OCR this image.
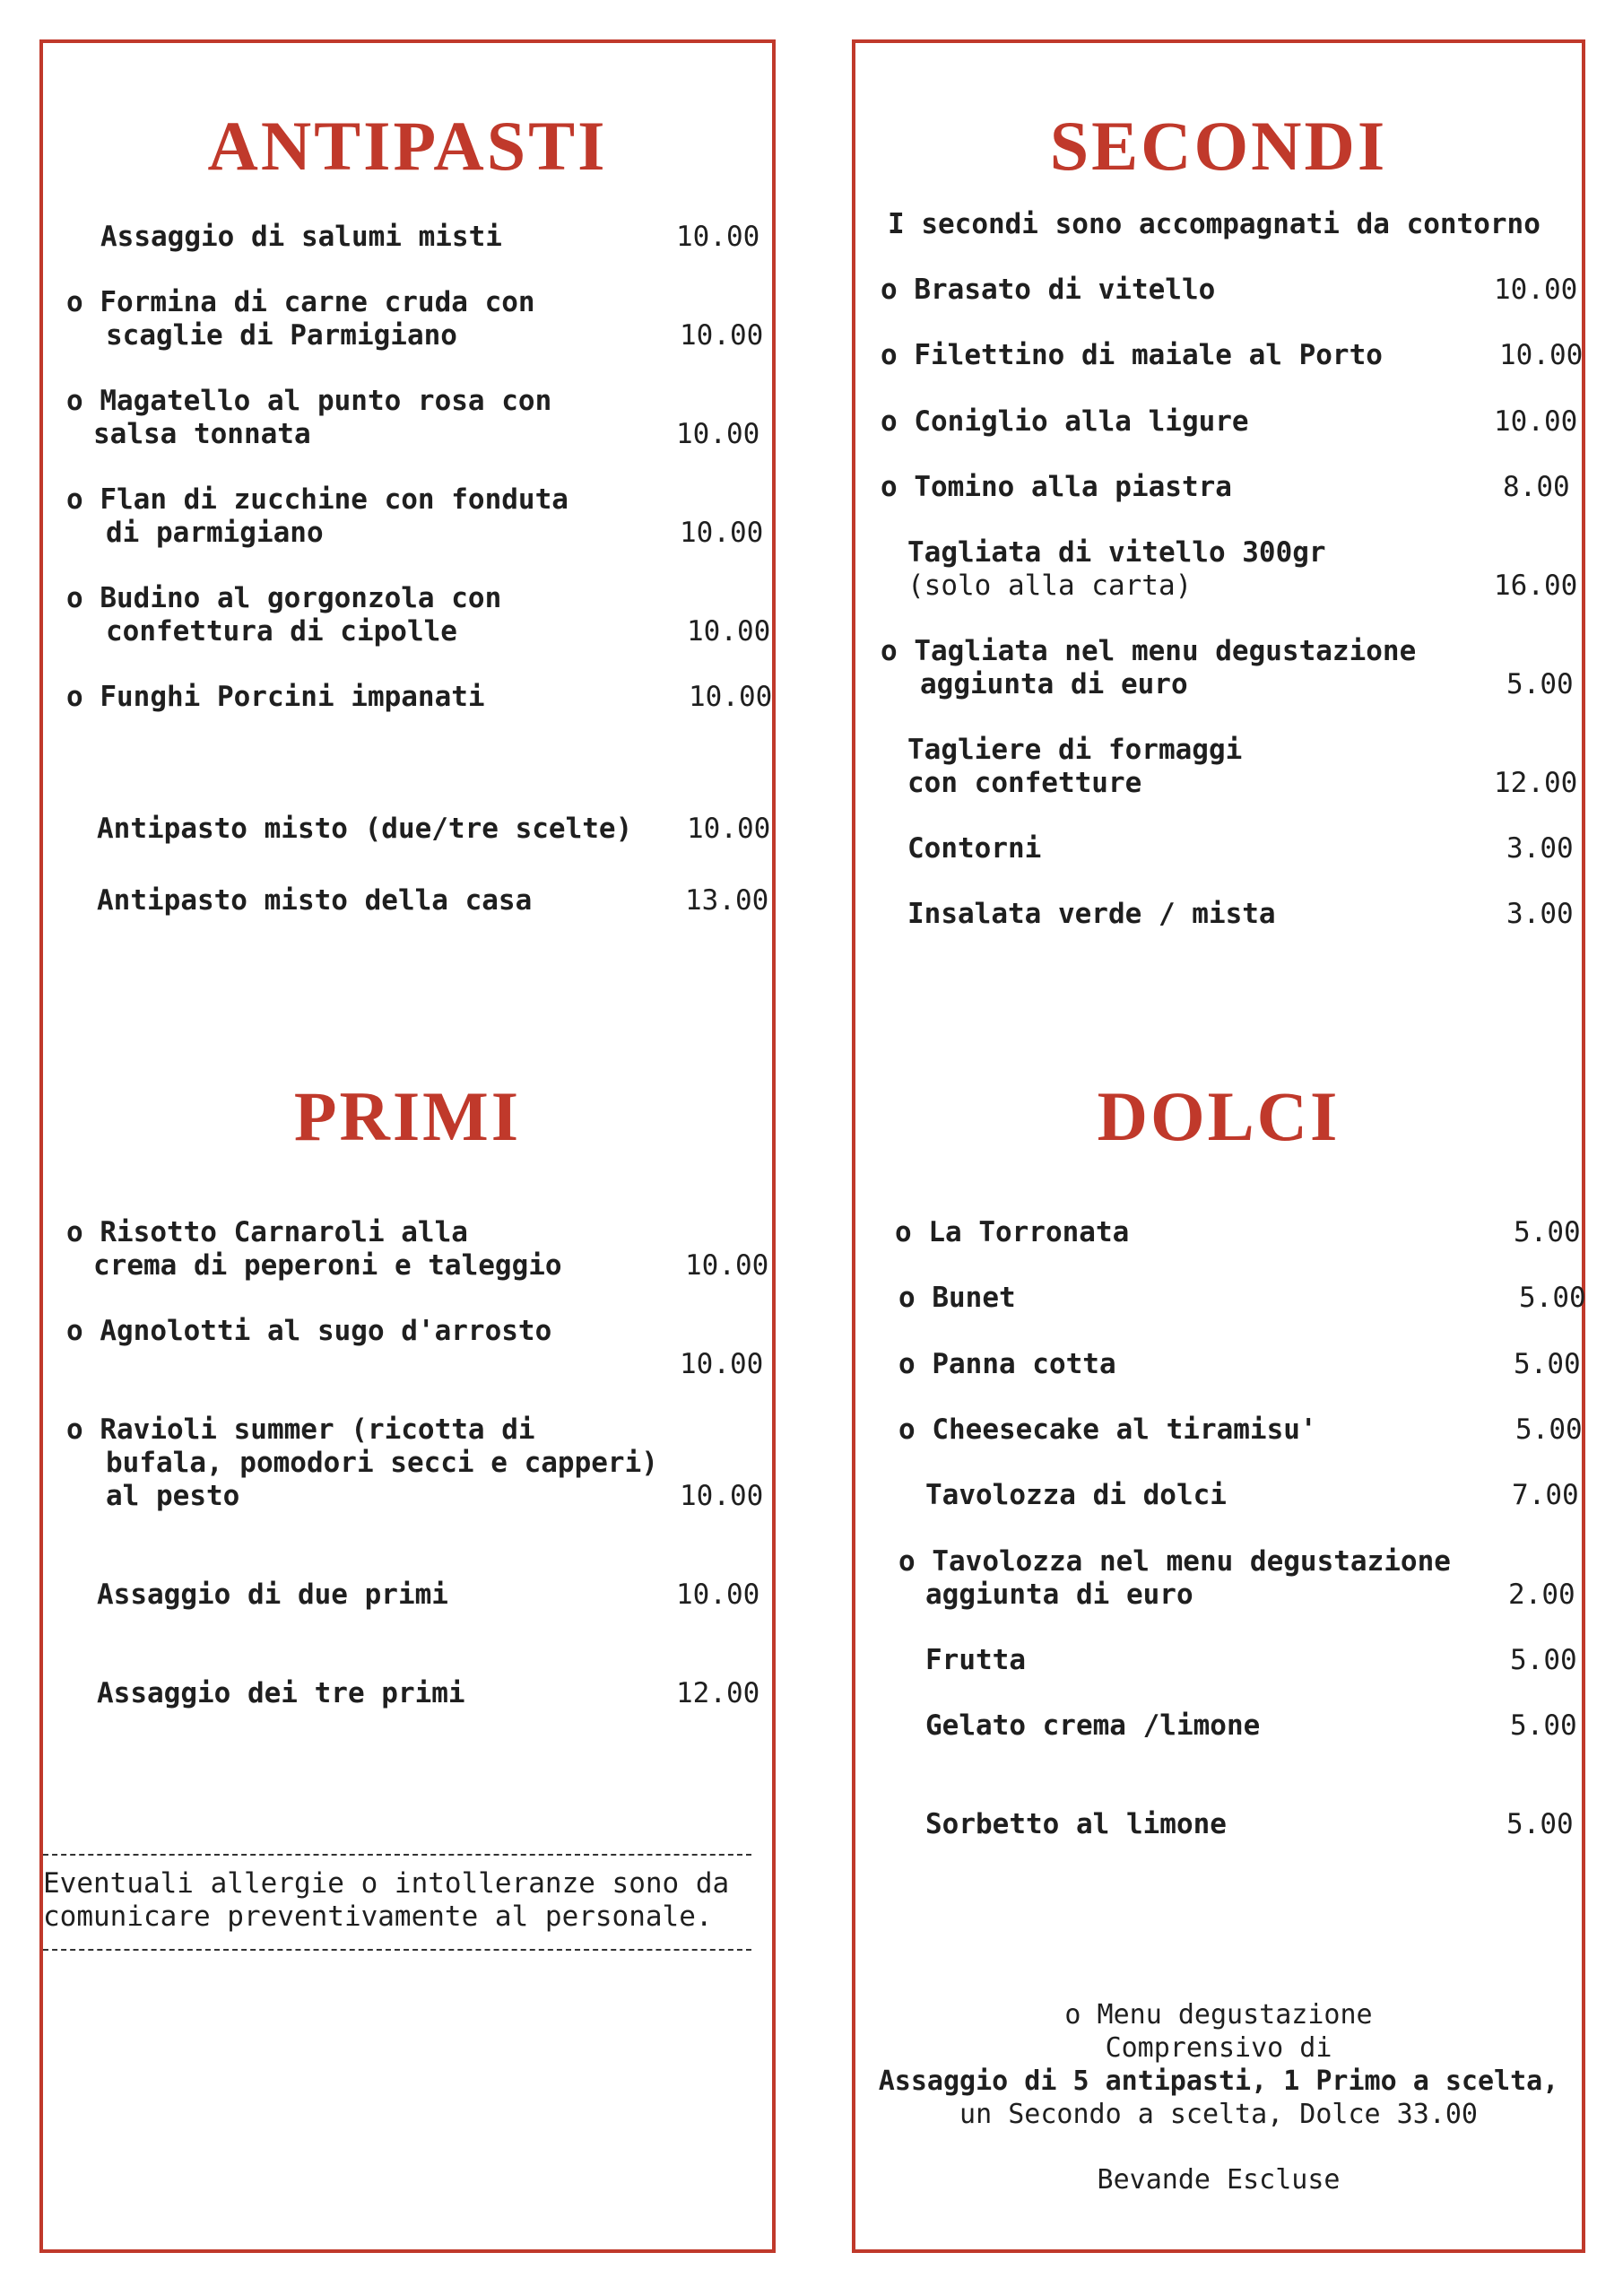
ANTIPASTI
Assaggio di salumi misti	10.00
o Formina di carne cruda con
scaglie di Parmigiano	10.00
o Magatello al punto rosa con
salsa tonnata	10.00
o Flan di zucchine con fonduta
di parmigiano	10.00
o Budino al gorgonzola con
confettura di cipolle	10.00
o Funghi Porcini impanati	10.00
Antipasto misto (due/tre scelte) 10.00
Antipasto misto della casa	13.00
PRIMI
o Risotto Carnaroli alla
crema di peperoni e taleggio	10.00
o Agnolotti al sugo d'arrosto
10.00
o Ravioli summer (ricotta di
bufala, pomodori secci e capperi)
al pesto	10.00
Assaggio di due primi	10.00
Assaggio dei tre primi	12.00
Eventuali allergie o intolleranze sono da
comunicare preventivamente al personale.
SECONDI
I secondi sono accompagnati da contorno
o Brasato di vitello	10.00
o Filettino di maiale al Porto	10.00
o Coniglio alla ligure	10.00
o Tomino alla piastra	8.00
Tagliata di vitello 300gr
(solo alla carta)	16.00
o Tagliata nel menu degustazione
aggiunta di euro	5.00
Tagliere di formaggi
con confetture	12.00
Contorni	3.00
Insalata verde / mista	3.00
DOLCI
o La Torronata	5.00
o Bunet	5.00
o Panna cotta	5.00
o Cheesecake al tiramisu'	5.00
Tavolozza di dolci	7.00
o Tavolozza nel menu degustazione
aggiunta di euro	2.00
Frutta	5.00
Gelato crema /limone	5.00
Sorbetto al limone	5.00
o Menu degustazione
Comprensivo di
Assaggio di 5 antipasti, 1 Primo a scelta,
un Secondo a scelta, Dolce 33.00
Bevande Escluse
